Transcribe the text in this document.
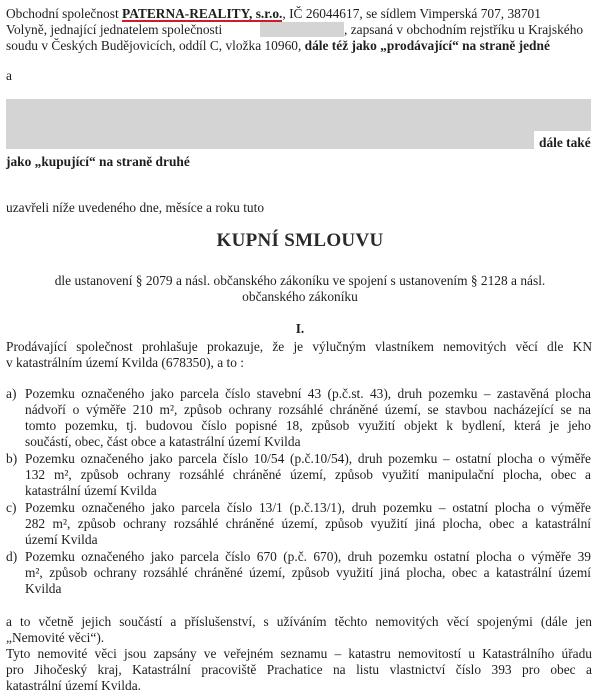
Obchodní společnost PATERNA-REALITY, s.r.o., IČ 26044617, se sídlem Vimperská 707, 38701
Volyně, jednající jednatelem společnosti	, zapsaná v obchodním rejstříku u Krajského
soudu v Českých Budějovicích, oddíl C, vložka 10960, dále též jako „prodávající“ na straně jedné
a
dále také
jako „kupující“ na straně druhé
uzavřeli níže uvedeného dne, měsíce a roku tuto
KUPNÍ SMLOUVU
dle ustanovení § 2079 a násl. občanského zákoníku ve spojení s ustanovením § 2128 a násl.
občanského zákoníku
I.
Prodávající společnost prohlašuje prokazuje, že je výlučným vlastníkem nemovitých věcí dle KN
v katastrálním území Kvilda (678350), a to :
a) Pozemku označeného jako parcela číslo stavební 43 (p.č.st. 43), druh pozemku – zastavěná plocha
nádvoří o výměře 210 m², způsob ochrany rozsáhlé chráněné území, se stavbou nacházející se na
tomto pozemku, tj. budovou číslo popisné 18, způsob využití objekt k bydlení, která je jeho
součástí, obec, část obce a katastrální území Kvilda
b) Pozemku označeného jako parcela číslo 10/54 (p.č.10/54), druh pozemku – ostatní plocha o výměře
132 m², způsob ochrany rozsáhlé chráněné území, způsob využití manipulační plocha, obec a
katastrální území Kvilda
c) Pozemku označeného jako parcela číslo 13/1 (p.č.13/1), druh pozemku – ostatní plocha o výměře
282 m², způsob ochrany rozsáhlé chráněné území, způsob využití jiná plocha, obec a katastrální
území Kvilda
d) Pozemku označeného jako parcela číslo 670 (p.č. 670), druh pozemku ostatní plocha o výměře 39
m², způsob ochrany rozsáhlé chráněné území, způsob využití jiná plocha, obec a katastrální území
Kvilda
a to včetně jejich součástí a příslušenství, s užíváním těchto nemovitých věcí spojenými (dále jen
„Nemovité věci“).
Tyto nemovité věci jsou zapsány ve veřejném seznamu – katastru nemovitostí u Katastrálního úřadu
pro Jihočeský kraj, Katastrální pracoviště Prachatice na listu vlastnictví číslo 393 pro obec a
katastrální území Kvilda.
